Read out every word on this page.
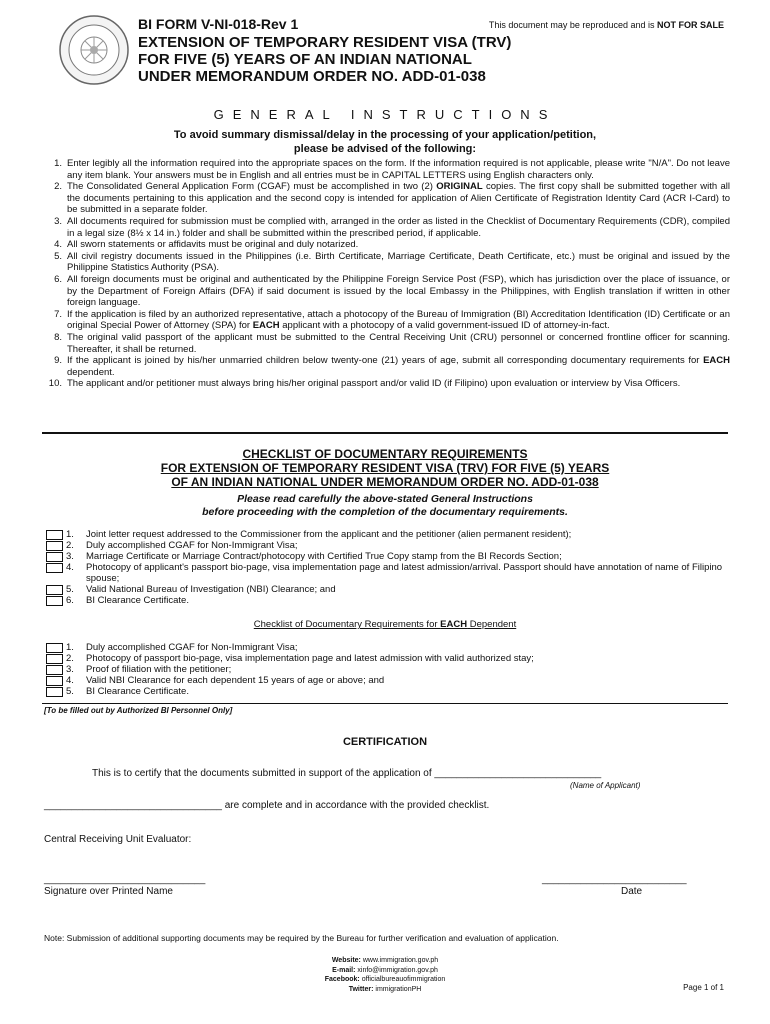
BI FORM V-NI-018-Rev 1	This document may be reproduced and is NOT FOR SALE
EXTENSION OF TEMPORARY RESIDENT VISA (TRV)
FOR FIVE (5) YEARS OF AN INDIAN NATIONAL
UNDER MEMORANDUM ORDER NO. ADD-01-038
GENERAL INSTRUCTIONS
To avoid summary dismissal/delay in the processing of your application/petition,
please be advised of the following:
1. Enter legibly all the information required into the appropriate spaces on the form. If the information required is not applicable, please write "N/A". Do not leave any item blank. Your answers must be in English and all entries must be in CAPITAL LETTERS using English characters only.
2. The Consolidated General Application Form (CGAF) must be accomplished in two (2) ORIGINAL copies. The first copy shall be submitted together with all the documents pertaining to this application and the second copy is intended for application of Alien Certificate of Registration Identity Card (ACR I-Card) to be submitted in a separate folder.
3. All documents required for submission must be complied with, arranged in the order as listed in the Checklist of Documentary Requirements (CDR), compiled in a legal size (8½ x 14 in.) folder and shall be submitted within the prescribed period, if applicable.
4. All sworn statements or affidavits must be original and duly notarized.
5. All civil registry documents issued in the Philippines (i.e. Birth Certificate, Marriage Certificate, Death Certificate, etc.) must be original and issued by the Philippine Statistics Authority (PSA).
6. All foreign documents must be original and authenticated by the Philippine Foreign Service Post (FSP), which has jurisdiction over the place of issuance, or by the Department of Foreign Affairs (DFA) if said document is issued by the local Embassy in the Philippines, with English translation if written in other foreign language.
7. If the application is filed by an authorized representative, attach a photocopy of the Bureau of Immigration (BI) Accreditation Identification (ID) Certificate or an original Special Power of Attorney (SPA) for EACH applicant with a photocopy of a valid government-issued ID of attorney-in-fact.
8. The original valid passport of the applicant must be submitted to the Central Receiving Unit (CRU) personnel or concerned frontline officer for scanning. Thereafter, it shall be returned.
9. If the applicant is joined by his/her unmarried children below twenty-one (21) years of age, submit all corresponding documentary requirements for EACH dependent.
10. The applicant and/or petitioner must always bring his/her original passport and/or valid ID (if Filipino) upon evaluation or interview by Visa Officers.
CHECKLIST OF DOCUMENTARY REQUIREMENTS
FOR EXTENSION OF TEMPORARY RESIDENT VISA (TRV) FOR FIVE (5) YEARS
OF AN INDIAN NATIONAL UNDER MEMORANDUM ORDER NO. ADD-01-038
Please read carefully the above-stated General Instructions
before proceeding with the completion of the documentary requirements.
1. Joint letter request addressed to the Commissioner from the applicant and the petitioner (alien permanent resident);
2. Duly accomplished CGAF for Non-Immigrant Visa;
3. Marriage Certificate or Marriage Contract/photocopy with Certified True Copy stamp from the BI Records Section;
4. Photocopy of applicant's passport bio-page, visa implementation page and latest admission/arrival. Passport should have annotation of name of Filipino spouse;
5. Valid National Bureau of Investigation (NBI) Clearance; and
6. BI Clearance Certificate.
Checklist of Documentary Requirements for EACH Dependent
1. Duly accomplished CGAF for Non-Immigrant Visa;
2. Photocopy of passport bio-page, visa implementation page and latest admission with valid authorized stay;
3. Proof of filiation with the petitioner;
4. Valid NBI Clearance for each dependent 15 years of age or above; and
5. BI Clearance Certificate.
[To be filled out by Authorized BI Personnel Only]
CERTIFICATION
This is to certify that the documents submitted in support of the application of ______________________________
(Name of Applicant)
________________________________ are complete and in accordance with the provided checklist.
Central Receiving Unit Evaluator:
_____________________________
Signature over Printed Name
__________________________
Date
Note: Submission of additional supporting documents may be required by the Bureau for further verification and evaluation of application.
Website: www.immigration.gov.ph
E-mail: xinfo@immigration.gov.ph
Facebook: officialbureauofimmigration
Twitter: immigrationPH	Page 1 of 1
